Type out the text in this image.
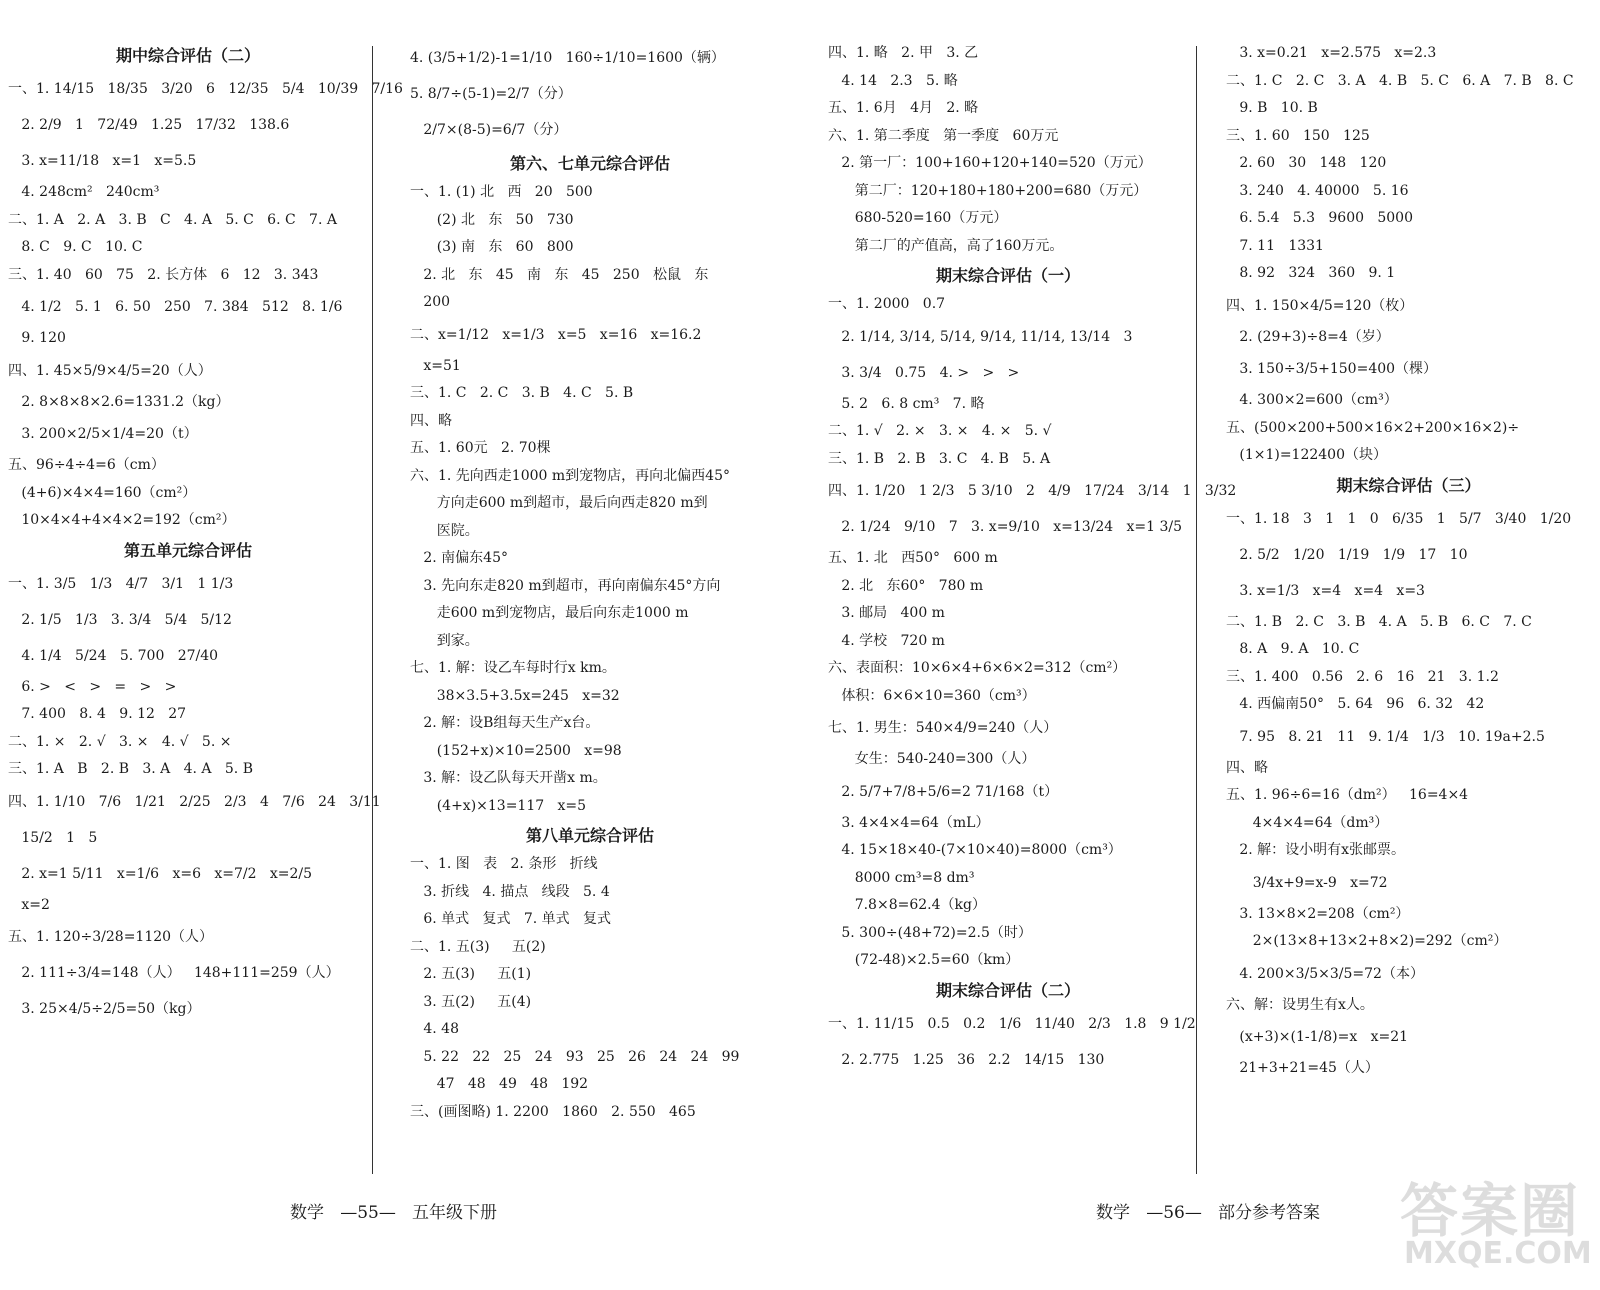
期中综合评估（二）
一、1. 14/15   18/35   3/20   6   12/35   5/4   10/39   7/16
2. 2/9   1   72/49   1.25   17/32   138.6
3. x=11/18   x=1   x=5.5
4. 248cm²   240cm³
二、1. A   2. A   3. B   C   4. A   5. C   6. C   7. A
8. C   9. C   10. C
三、1. 40   60   75   2. 长方体   6   12   3. 343
4. 1/2   5. 1   6. 50   250   7. 384   512   8. 1/6
9. 120
四、1. 45×5/9×4/5=20（人）
2. 8×8×8×2.6=1331.2（kg）
3. 200×2/5×1/4=20（t）
五、96÷4÷4=6（cm）
(4+6)×4×4=160（cm²）
10×4×4+4×4×2=192（cm²）
第五单元综合评估
一、1. 3/5   1/3   4/7   3/1   1 1/3
2. 1/5   1/3   3. 3/4   5/4   5/12
4. 1/4   5/24   5. 700   27/40
6. >   <   >   =   >   >
7. 400   8. 4   9. 12   27
二、1. ×   2. √   3. ×   4. √   5. ×
三、1. A   B   2. B   3. A   4. A   5. B
四、1. 1/10   7/6   1/21   2/25   2/3   4   7/6   24   3/11
15/2   1   5
2. x=1 5/11   x=1/6   x=6   x=7/2   x=2/5
x=2
五、1. 120÷3/28=1120（人）
2. 111÷3/4=148（人）   148+111=259（人）
3. 25×4/5÷2/5=50（kg）
4. (3/5+1/2)-1=1/10   160÷1/10=1600（辆）
5. 8/7÷(5-1)=2/7（分）
2/7×(8-5)=6/7（分）
第六、七单元综合评估
一、1. (1) 北   西   20   500
(2) 北   东   50   730
(3) 南   东   60   800
2. 北   东   45   南   东   45   250   松鼠   东
200
二、x=1/12   x=1/3   x=5   x=16   x=16.2
x=51
三、1. C   2. C   3. B   4. C   5. B
四、略
五、1. 60元   2. 70棵
六、1. 先向西走1000 m到宠物店，再向北偏西45°
方向走600 m到超市，最后向西走820 m到
医院。
2. 南偏东45°
3. 先向东走820 m到超市，再向南偏东45°方向
走600 m到宠物店，最后向东走1000 m
到家。
七、1. 解：设乙车每时行x km。
38×3.5+3.5x=245   x=32
2. 解：设B组每天生产x台。
(152+x)×10=2500   x=98
3. 解：设乙队每天开凿x m。
(4+x)×13=117   x=5
第八单元综合评估
一、1. 图   表   2. 条形   折线
3. 折线   4. 描点   线段   5. 4
6. 单式   复式   7. 单式   复式
二、1. 五(3)     五(2)
2. 五(3)     五(1)
3. 五(2)     五(4)
4. 48
5. 22   22   25   24   93   25   26   24   24   99
47   48   49   48   192
三、(画图略) 1. 2200   1860   2. 550   465
四、1. 略   2. 甲   3. 乙
4. 14   2.3   5. 略
五、1. 6月   4月   2. 略
六、1. 第二季度   第一季度   60万元
2. 第一厂：100+160+120+140=520（万元）
第二厂：120+180+180+200=680（万元）
680-520=160（万元）
第二厂的产值高，高了160万元。
期末综合评估（一）
一、1. 2000   0.7
2. 1/14, 3/14, 5/14, 9/14, 11/14, 13/14   3
3. 3/4   0.75   4. >   >   >
5. 2   6. 8 cm³   7. 略
二、1. √   2. ×   3. ×   4. ×   5. √
三、1. B   2. B   3. C   4. B   5. A
四、1. 1/20   1 2/3   5 3/10   2   4/9   17/24   3/14   1   3/32
2. 1/24   9/10   7   3. x=9/10   x=13/24   x=1 3/5
五、1. 北   西50°   600 m
2. 北   东60°   780 m
3. 邮局   400 m
4. 学校   720 m
六、表面积：10×6×4+6×6×2=312（cm²）
体积：6×6×10=360（cm³）
七、1. 男生：540×4/9=240（人）
女生：540-240=300（人）
2. 5/7+7/8+5/6=2 71/168（t）
3. 4×4×4=64（mL）
4. 15×18×40-(7×10×40)=8000（cm³）
8000 cm³=8 dm³
7.8×8=62.4（kg）
5. 300÷(48+72)=2.5（时）
(72-48)×2.5=60（km）
期末综合评估（二）
一、1. 11/15   0.5   0.2   1/6   11/40   2/3   1.8   9 1/2
2. 2.775   1.25   36   2.2   14/15   130
3. x=0.21   x=2.575   x=2.3
二、1. C   2. C   3. A   4. B   5. C   6. A   7. B   8. C
9. B   10. B
三、1. 60   150   125
2. 60   30   148   120
3. 240   4. 40000   5. 16
6. 5.4   5.3   9600   5000
7. 11   1331
8. 92   324   360   9. 1
四、1. 150×4/5=120（枚）
2. (29+3)÷8=4（岁）
3. 150÷3/5+150=400（棵）
4. 300×2=600（cm³）
五、(500×200+500×16×2+200×16×2)÷
(1×1)=122400（块）
期末综合评估（三）
一、1. 18   3   1   1   0   6/35   1   5/7   3/40   1/20
2. 5/2   1/20   1/19   1/9   17   10
3. x=1/3   x=4   x=4   x=3
二、1. B   2. C   3. B   4. A   5. B   6. C   7. C
8. A   9. A   10. C
三、1. 400   0.56   2. 6   16   21   3. 1.2
4. 西偏南50°   5. 64   96   6. 32   42
7. 95   8. 21   11   9. 1/4   1/3   10. 19a+2.5
四、略
五、1. 96÷6=16（dm²）   16=4×4
4×4×4=64（dm³）
2. 解：设小明有x张邮票。
3/4x+9=x-9   x=72
3. 13×8×2=208（cm²）
2×(13×8+13×2+8×2)=292（cm²）
4. 200×3/5×3/5=72（本）
六、解：设男生有x人。
(x+3)×(1-1/8)=x   x=21
21+3+21=45（人）
数学   —55—   五年级下册	数学   —56—   部分参考答案 答案圈
MXQE.COM
